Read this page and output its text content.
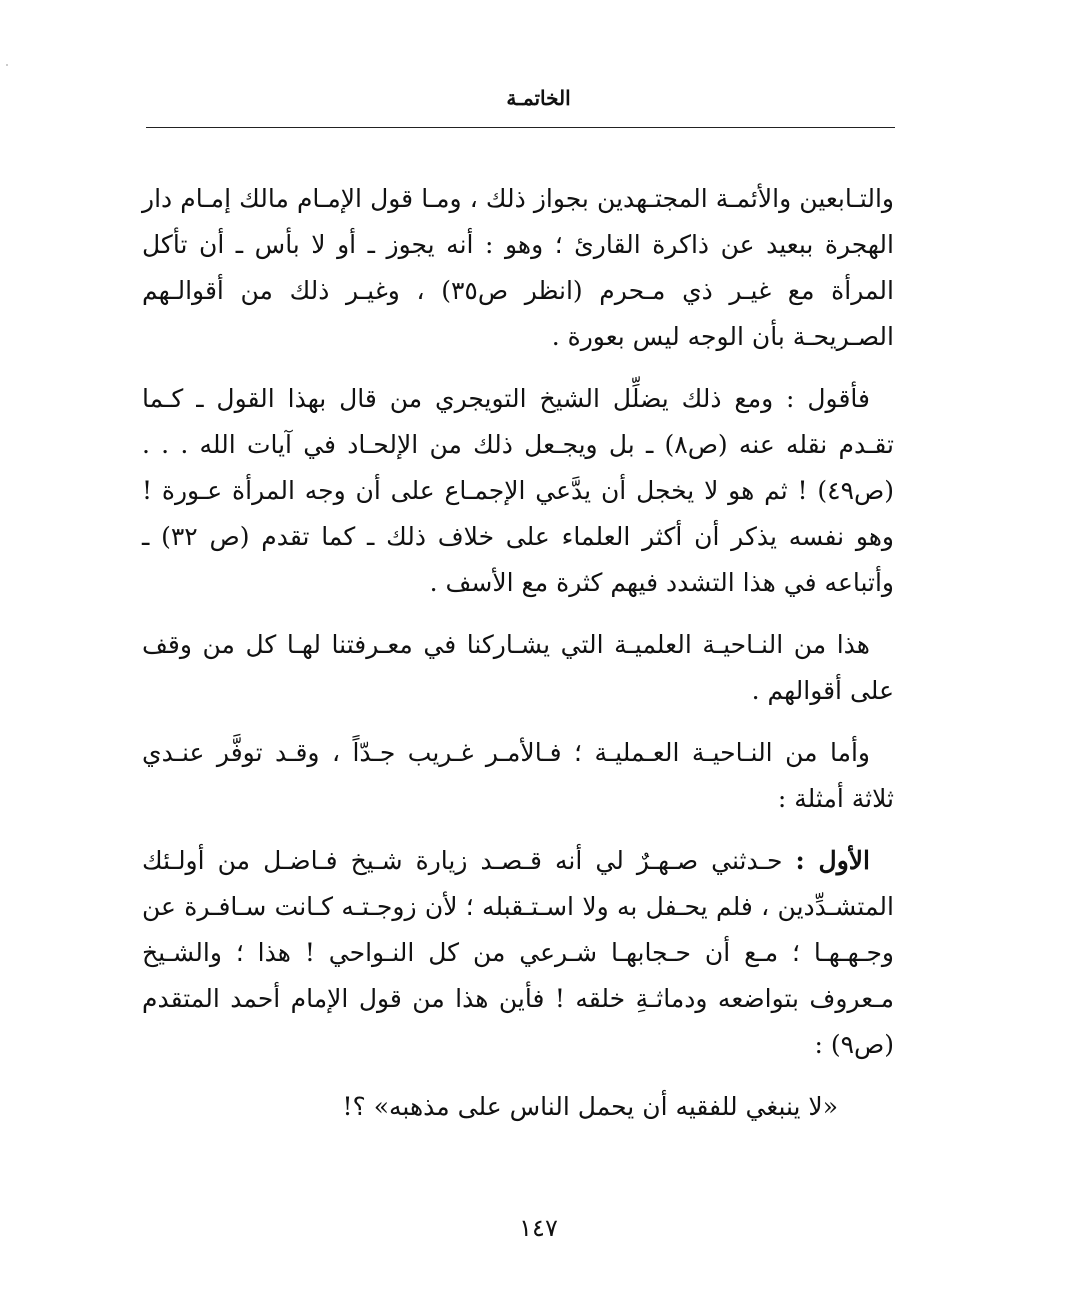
الخاتمـة

والتـابعين والأئمـة المجتـهدين بجواز ذلك ، ومـا قول الإمـام مالك إمـام دار الهجرة ببعيد عن ذاكرة القارئ ؛ وهو : أنه يجوز ـ أو لا بأس ـ أن تأكل المرأة مع غيـر ذي مـحرم (انظر ص٣٥) ، وغيـر ذلك من أقوالـهم الصـريحـة بأن الوجه ليس بعورة .

فأقول : ومع ذلك يضلِّل الشيخ التويجري من قال بهذا القول ـ كـما تقـدم نقله عنه (ص٨) ـ بل ويجـعل ذلك من الإلحـاد في آيات الله . . . (ص٤٩) ! ثم هو لا يخجل أن يدَّعي الإجمـاع على أن وجه المرأة عـورة ! وهو نفسه يذكر أن أكثر العلماء على خلاف ذلك ـ كما تقدم (ص ٣٢) ـ وأتباعه في هذا التشدد فيهم كثرة مع الأسف .

هذا من النـاحيـة العلميـة التي يشـاركنا في معـرفتنا لهـا كل من وقف على أقوالهم .

وأما من النـاحيـة العـمليـة ؛ فـالأمـر غـريب جـدّاً ، وقـد توفَّر عنـدي ثلاثة أمثلة :

الأول : حـدثني صـهـرٌ لي أنه قـصـد زيارة شـيخ فـاضـل من أولـئك المتشـدِّدين ، فلم يحـفل به ولا اسـتـقبله ؛ لأن زوجـتـه كـانت سـافـرة عن وجـهـهـا ؛ مـع أن حـجابهـا شـرعي من كل النـواحي ! هذا ؛ والشـيخ مـعروف بتواضعه ودماثـةِ خلقه ! فأين هذا من قول الإمام أحمد المتقدم (ص٩) :

«لا ينبغي للفقيه أن يحمل الناس على مذهبه» ؟!

١٤٧
